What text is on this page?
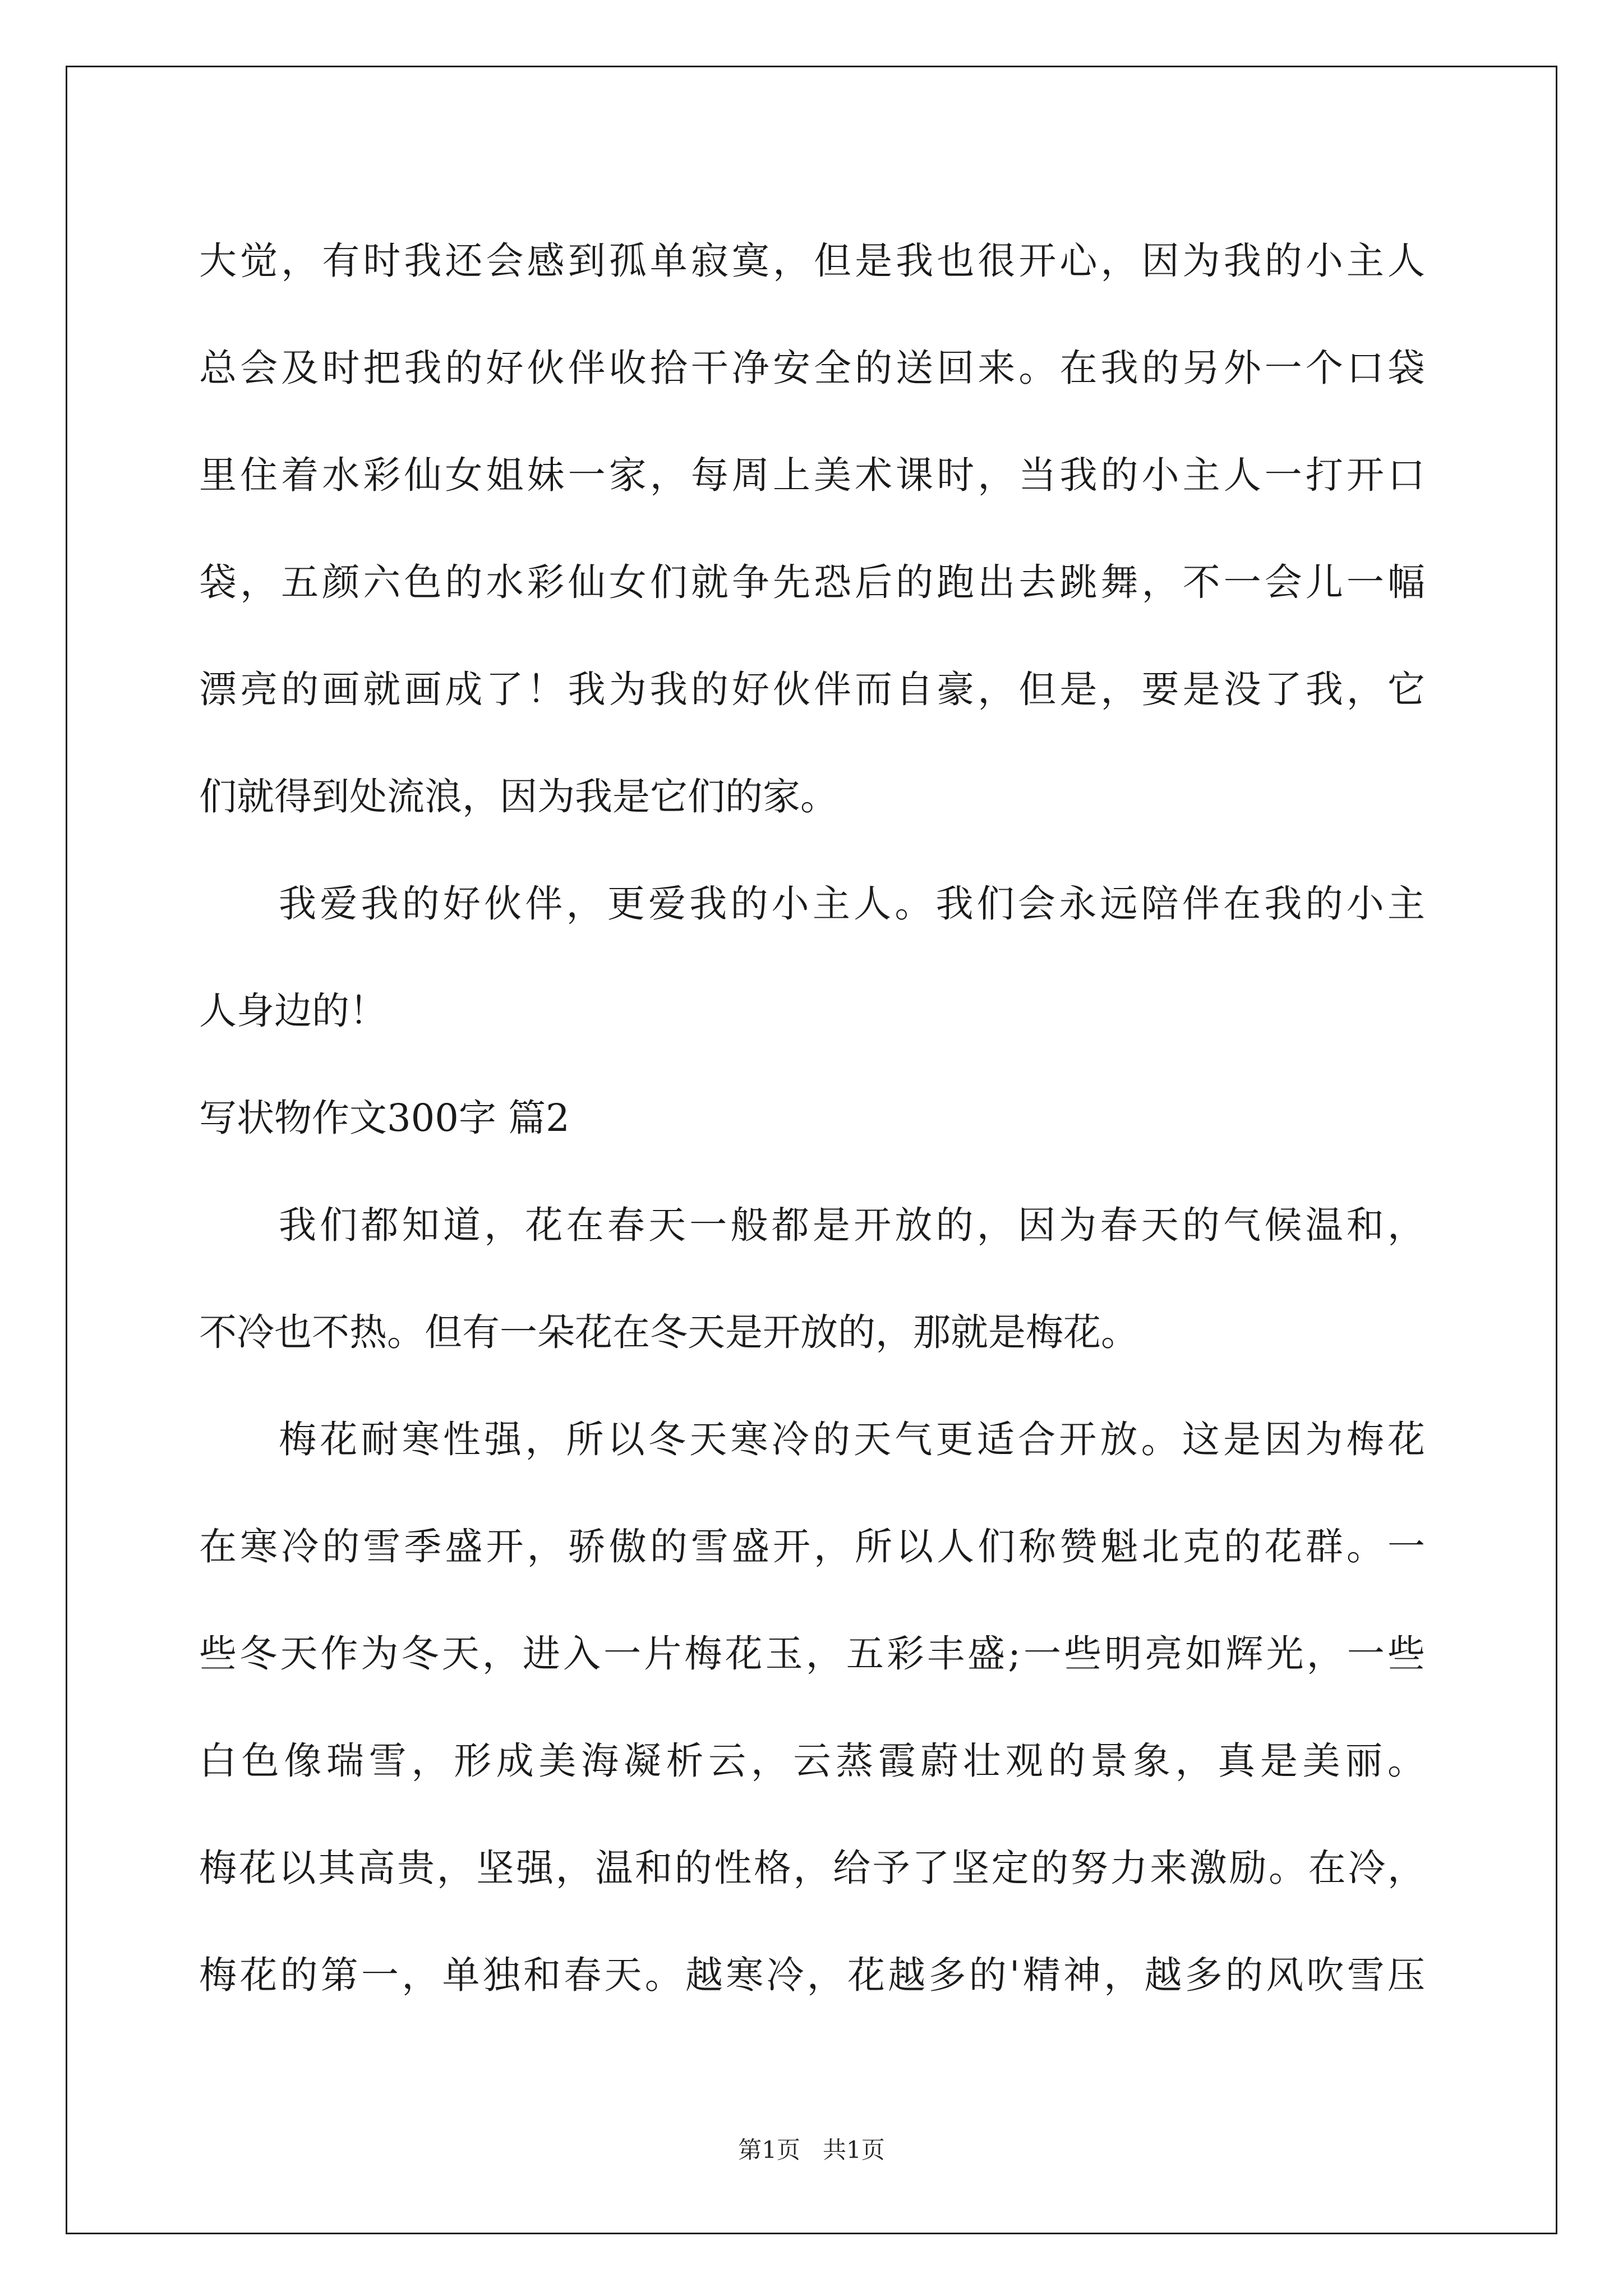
大觉，有时我还会感到孤单寂寞，但是我也很开心，因为我的小主人
总会及时把我的好伙伴收拾干净安全的送回来。在我的另外一个口袋
里住着水彩仙女姐妹一家，每周上美术课时，当我的小主人一打开口
袋，五颜六色的水彩仙女们就争先恐后的跑出去跳舞，不一会儿一幅
漂亮的画就画成了！我为我的好伙伴而自豪，但是，要是没了我，它
们就得到处流浪，因为我是它们的家。
我爱我的好伙伴，更爱我的小主人。我们会永远陪伴在我的小主
人身边的！
写状物作文300字 篇2
我们都知道，花在春天一般都是开放的，因为春天的气候温和，
不冷也不热。但有一朵花在冬天是开放的，那就是梅花。
梅花耐寒性强，所以冬天寒冷的天气更适合开放。这是因为梅花
在寒冷的雪季盛开，骄傲的雪盛开，所以人们称赞魁北克的花群。一
些冬天作为冬天，进入一片梅花玉，五彩丰盛;一些明亮如辉光，一些
白色像瑞雪，形成美海凝析云，云蒸霞蔚壮观的景象，真是美丽。
梅花以其高贵，坚强，温和的性格，给予了坚定的努力来激励。在冷，
梅花的第一，单独和春天。越寒冷，花越多的'精神，越多的风吹雪压
第1页 共1页
